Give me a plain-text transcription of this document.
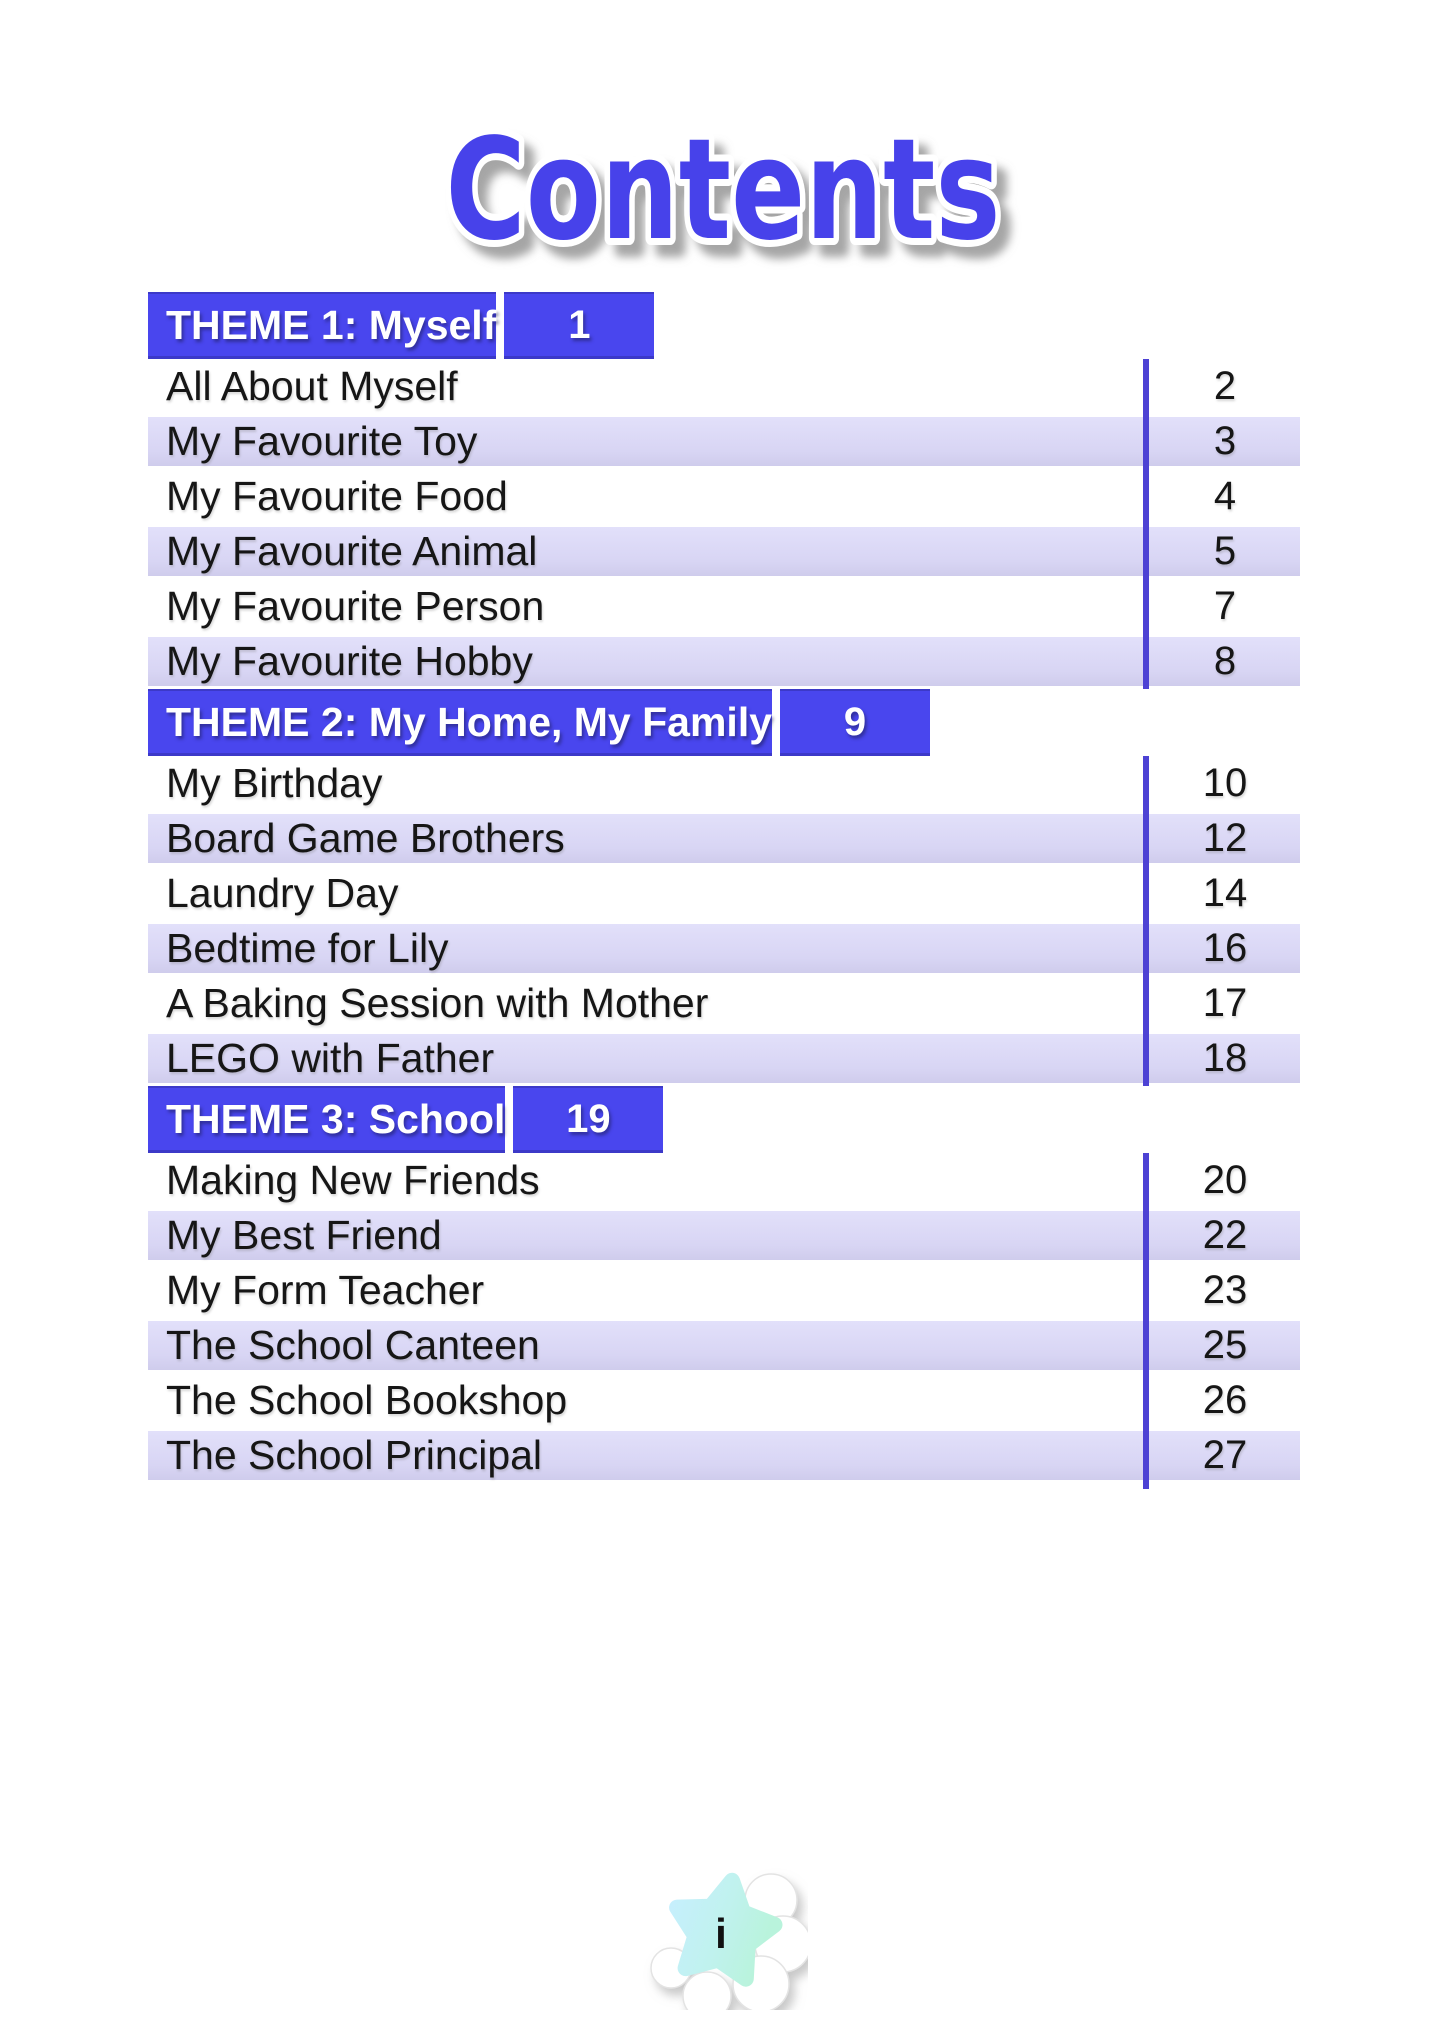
Contents
THEME 1: Myself 1
All About Myself	2
My Favourite Toy	3
My Favourite Food	4
My Favourite Animal	5
My Favourite Person	7
My Favourite Hobby	8
THEME 2: My Home, My Family 9
My Birthday	10
Board Game Brothers	12
Laundry Day	14
Bedtime for Lily	16
A Baking Session with Mother	17
LEGO with Father	18
THEME 3: School 19
Making New Friends	20
My Best Friend	22
My Form Teacher	23
The School Canteen	25
The School Bookshop	26
The School Principal	27
i
